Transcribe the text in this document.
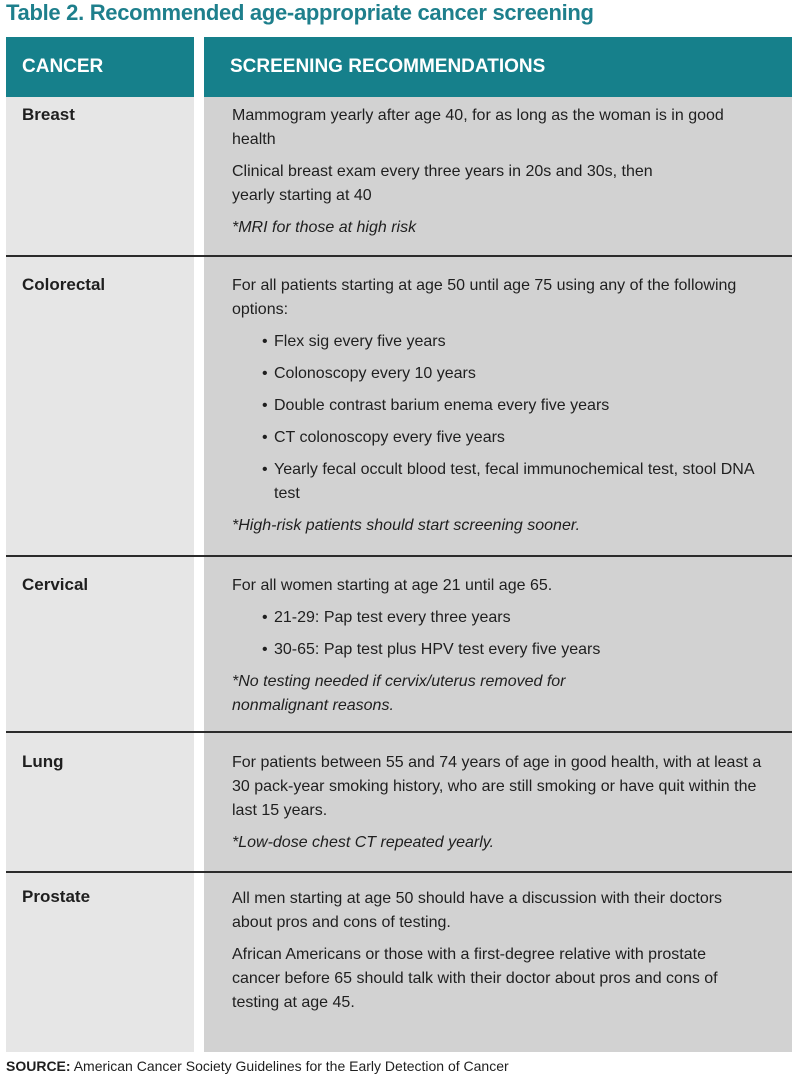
Table 2. Recommended age-appropriate cancer screening
CANCER	SCREENING RECOMMENDATIONS
Breast	Mammogram yearly after age 40, for as long as the woman is in good health

Clinical breast exam every three years in 20s and 30s, then yearly starting at 40

*MRI for those at high risk

Colorectal	For all patients starting at age 50 until age 75 using any of the following options:

• Flex sig every five years

• Colonoscopy every 10 years

• Double contrast barium enema every five years

• CT colonoscopy every five years

• Yearly fecal occult blood test, fecal immunochemical test, stool DNA test

*High-risk patients should start screening sooner.

Cervical	For all women starting at age 21 until age 65.

• 21-29: Pap test every three years

• 30-65: Pap test plus HPV test every five years

*No testing needed if cervix/uterus removed for nonmalignant reasons.

Lung	For patients between 55 and 74 years of age in good health, with at least a 30 pack-year smoking history, who are still smoking or have quit within the last 15 years.

*Low-dose chest CT repeated yearly.

Prostate	All men starting at age 50 should have a discussion with their doctors about pros and cons of testing.

African Americans or those with a first-degree relative with prostate cancer before 65 should talk with their doctor about pros and cons of testing at age 45.

SOURCE: American Cancer Society Guidelines for the Early Detection of Cancer
